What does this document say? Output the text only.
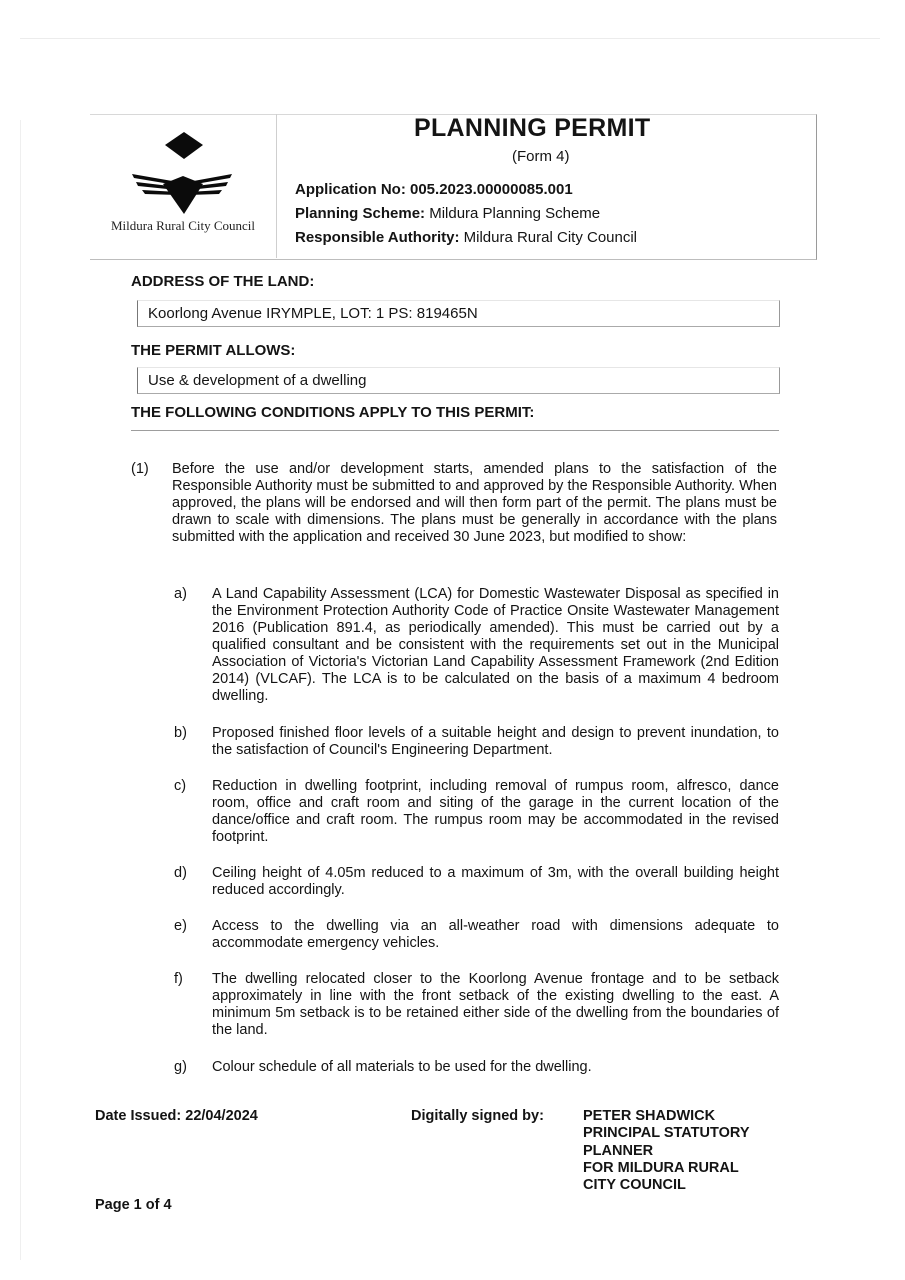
Mildura Rural City Council
PLANNING PERMIT
(Form 4)
Application No: 005.2023.00000085.001
Planning Scheme: Mildura Planning Scheme
Responsible Authority: Mildura Rural City Council
ADDRESS OF THE LAND:
Koorlong Avenue IRYMPLE, LOT: 1 PS: 819465N
THE PERMIT ALLOWS:
Use & development of a dwelling
THE FOLLOWING CONDITIONS APPLY TO THIS PERMIT:
(1) Before the use and/or development starts, amended plans to the satisfaction of the Responsible Authority must be submitted to and approved by the Responsible Authority. When approved, the plans will be endorsed and will then form part of the permit. The plans must be drawn to scale with dimensions. The plans must be generally in accordance with the plans submitted with the application and received 30 June 2023, but modified to show:
a) A Land Capability Assessment (LCA) for Domestic Wastewater Disposal as specified in the Environment Protection Authority Code of Practice Onsite Wastewater Management 2016 (Publication 891.4, as periodically amended). This must be carried out by a qualified consultant and be consistent with the requirements set out in the Municipal Association of Victoria's Victorian Land Capability Assessment Framework (2nd Edition 2014) (VLCAF). The LCA is to be calculated on the basis of a maximum 4 bedroom dwelling.
b) Proposed finished floor levels of a suitable height and design to prevent inundation, to the satisfaction of Council's Engineering Department.
c) Reduction in dwelling footprint, including removal of rumpus room, alfresco, dance room, office and craft room and siting of the garage in the current location of the dance/office and craft room. The rumpus room may be accommodated in the revised footprint.
d) Ceiling height of 4.05m reduced to a maximum of 3m, with the overall building height reduced accordingly.
e) Access to the dwelling via an all-weather road with dimensions adequate to accommodate emergency vehicles.
f) The dwelling relocated closer to the Koorlong Avenue frontage and to be setback approximately in line with the front setback of the existing dwelling to the east. A minimum 5m setback is to be retained either side of the dwelling from the boundaries of the land.
g) Colour schedule of all materials to be used for the dwelling.
Date Issued: 22/04/2024	Digitally signed by:	PETER SHADWICK
PRINCIPAL STATUTORY
PLANNER
FOR MILDURA RURAL
CITY COUNCIL
Page 1 of 4
